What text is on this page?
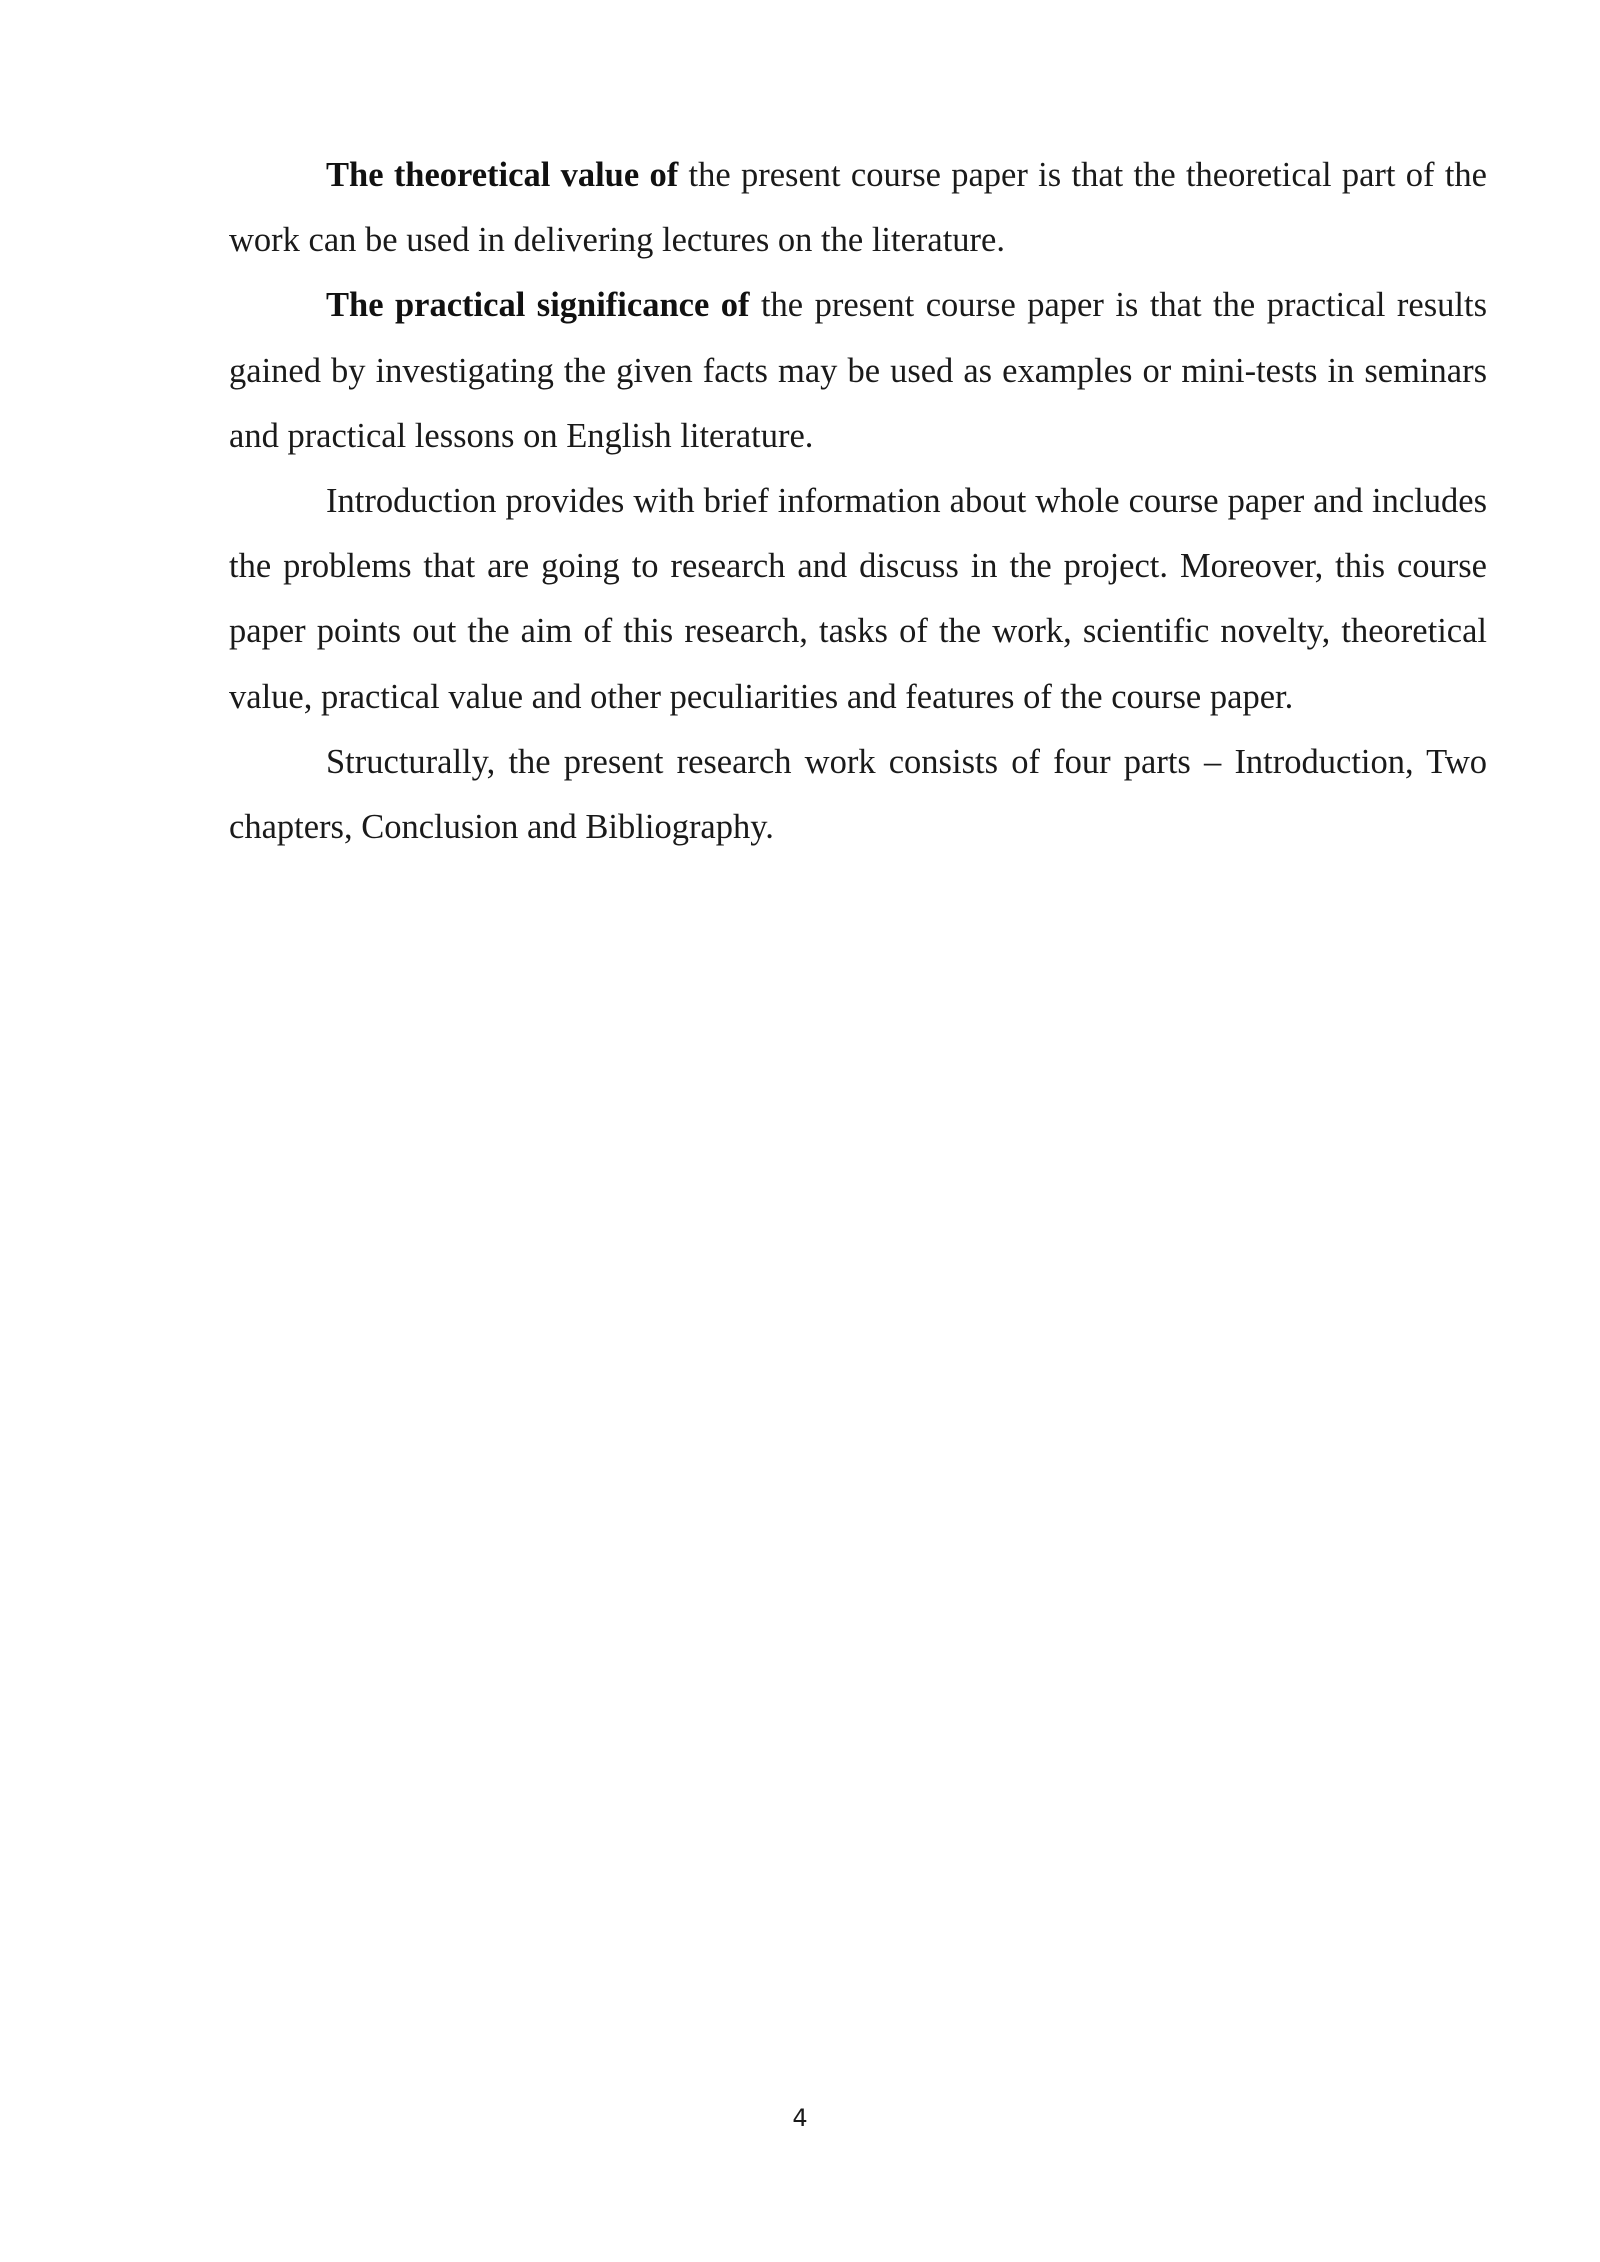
The theoretical value of the present course paper is that the theoretical part of the work can be used in delivering lectures on the literature.

The practical significance of the present course paper is that the practical results gained by investigating the given facts may be used as examples or mini-tests in seminars and practical lessons on English literature.

Introduction provides with brief information about whole course paper and includes the problems that are going to research and discuss in the project. Moreover, this course paper points out the aim of this research, tasks of the work, scientific novelty, theoretical value, practical value and other peculiarities and features of the course paper.

Structurally, the present research work consists of four parts – Introduction, Two chapters, Conclusion and Bibliography.

4
